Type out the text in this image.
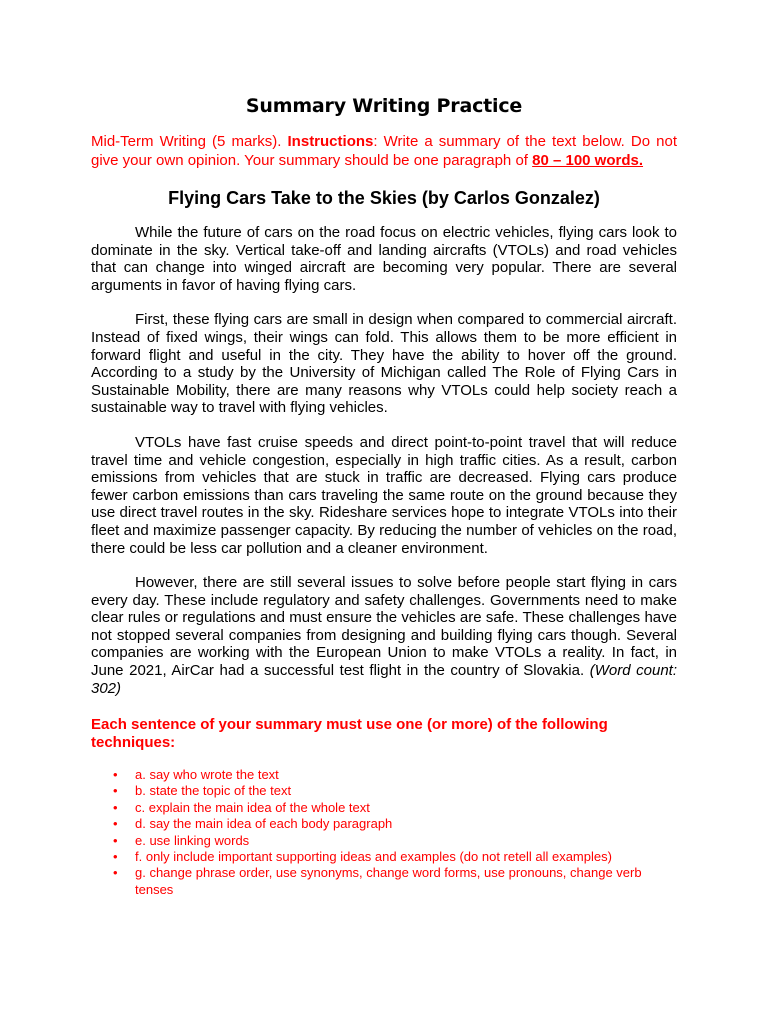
Summary Writing Practice
Mid-Term Writing (5 marks). Instructions: Write a summary of the text below. Do not give your own opinion. Your summary should be one paragraph of 80 – 100 words.
Flying Cars Take to the Skies (by Carlos Gonzalez)

While the future of cars on the road focus on electric vehicles, flying cars look to dominate in the sky. Vertical take-off and landing aircrafts (VTOLs) and road vehicles that can change into winged aircraft are becoming very popular. There are several arguments in favor of having flying cars.

First, these flying cars are small in design when compared to commercial aircraft. Instead of fixed wings, their wings can fold. This allows them to be more efficient in forward flight and useful in the city. They have the ability to hover off the ground. According to a study by the University of Michigan called The Role of Flying Cars in Sustainable Mobility, there are many reasons why VTOLs could help society reach a sustainable way to travel with flying vehicles.

VTOLs have fast cruise speeds and direct point-to-point travel that will reduce travel time and vehicle congestion, especially in high traffic cities. As a result, carbon emissions from vehicles that are stuck in traffic are decreased. Flying cars produce fewer carbon emissions than cars traveling the same route on the ground because they use direct travel routes in the sky. Rideshare services hope to integrate VTOLs into their fleet and maximize passenger capacity. By reducing the number of vehicles on the road, there could be less car pollution and a cleaner environment.

However, there are still several issues to solve before people start flying in cars every day. These include regulatory and safety challenges. Governments need to make clear rules or regulations and must ensure the vehicles are safe. These challenges have not stopped several companies from designing and building flying cars though. Several companies are working with the European Union to make VTOLs a reality. In fact, in June 2021, AirCar had a successful test flight in the country of Slovakia. (Word count: 302)

Each sentence of your summary must use one (or more) of the following techniques:
• a. say who wrote the text
• b. state the topic of the text
• c. explain the main idea of the whole text
• d. say the main idea of each body paragraph
• e. use linking words
• f. only include important supporting ideas and examples (do not retell all examples)
• g. change phrase order, use synonyms, change word forms, use pronouns, change verb tenses
